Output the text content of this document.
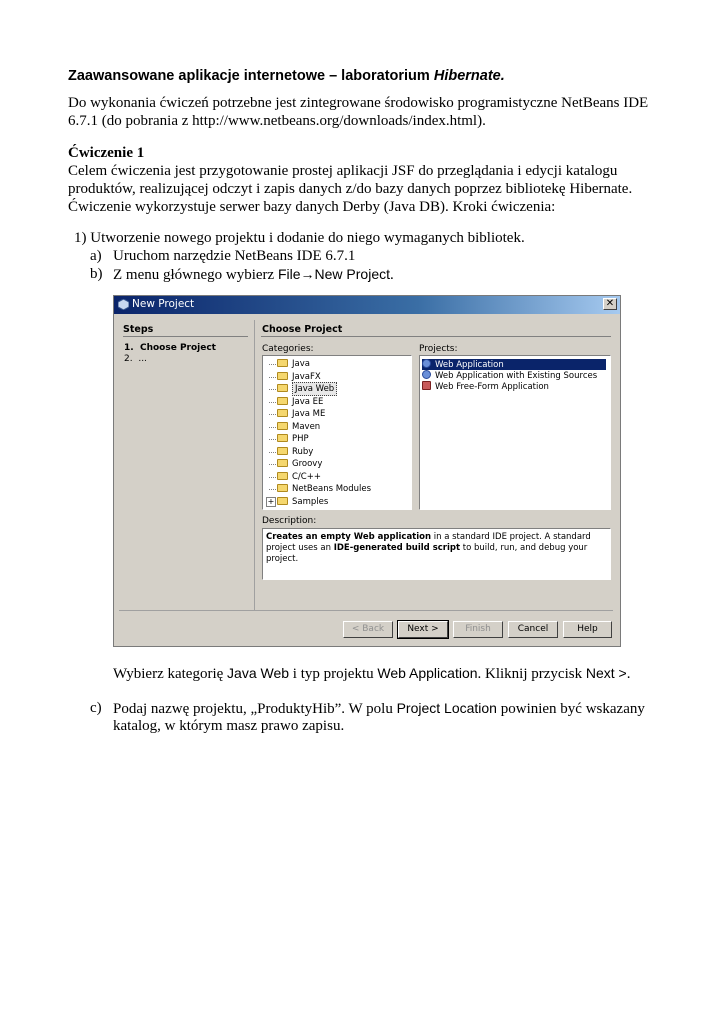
Zaawansowane aplikacje internetowe – laboratorium Hibernate.
Do wykonania ćwiczeń potrzebne jest zintegrowane środowisko programistyczne NetBeans IDE
6.7.1 (do pobrania z http://www.netbeans.org/downloads/index.html).
Ćwiczenie 1
Celem ćwiczenia jest przygotowanie prostej aplikacji JSF do przeglądania i edycji katalogu
produktów, realizującej odczyt i zapis danych z/do bazy danych poprzez bibliotekę Hibernate.
Ćwiczenie wykorzystuje serwer bazy danych Derby (Java DB). Kroki ćwiczenia:
1) Utworzenie nowego projektu i dodanie do niego wymaganych bibliotek.
a) Uruchom narzędzie NetBeans IDE 6.7.1
b) Z menu głównego wybierz File→New Project.
New Project	✕
Steps
1. Choose Project
2. ...
Choose Project
Categories:	Projects:
Java
JavaFX
Java Web
Java EE
Java ME
Maven
PHP
Ruby
Groovy
C/C++
NetBeans Modules
+ Samples
Web Application
Web Application with Existing Sources
Web Free-Form Application
Description:
Creates an empty Web application in a standard IDE project. A standard project uses an IDE-generated build script to build, run, and debug your project.
< Back	Next >	Finish	Cancel	Help
Wybierz kategorię Java Web i typ projektu Web Application. Kliknij przycisk Next >.
c) Podaj nazwę projektu, „ProduktyHib”. W polu Project Location powinien być wskazany
katalog, w którym masz prawo zapisu.
